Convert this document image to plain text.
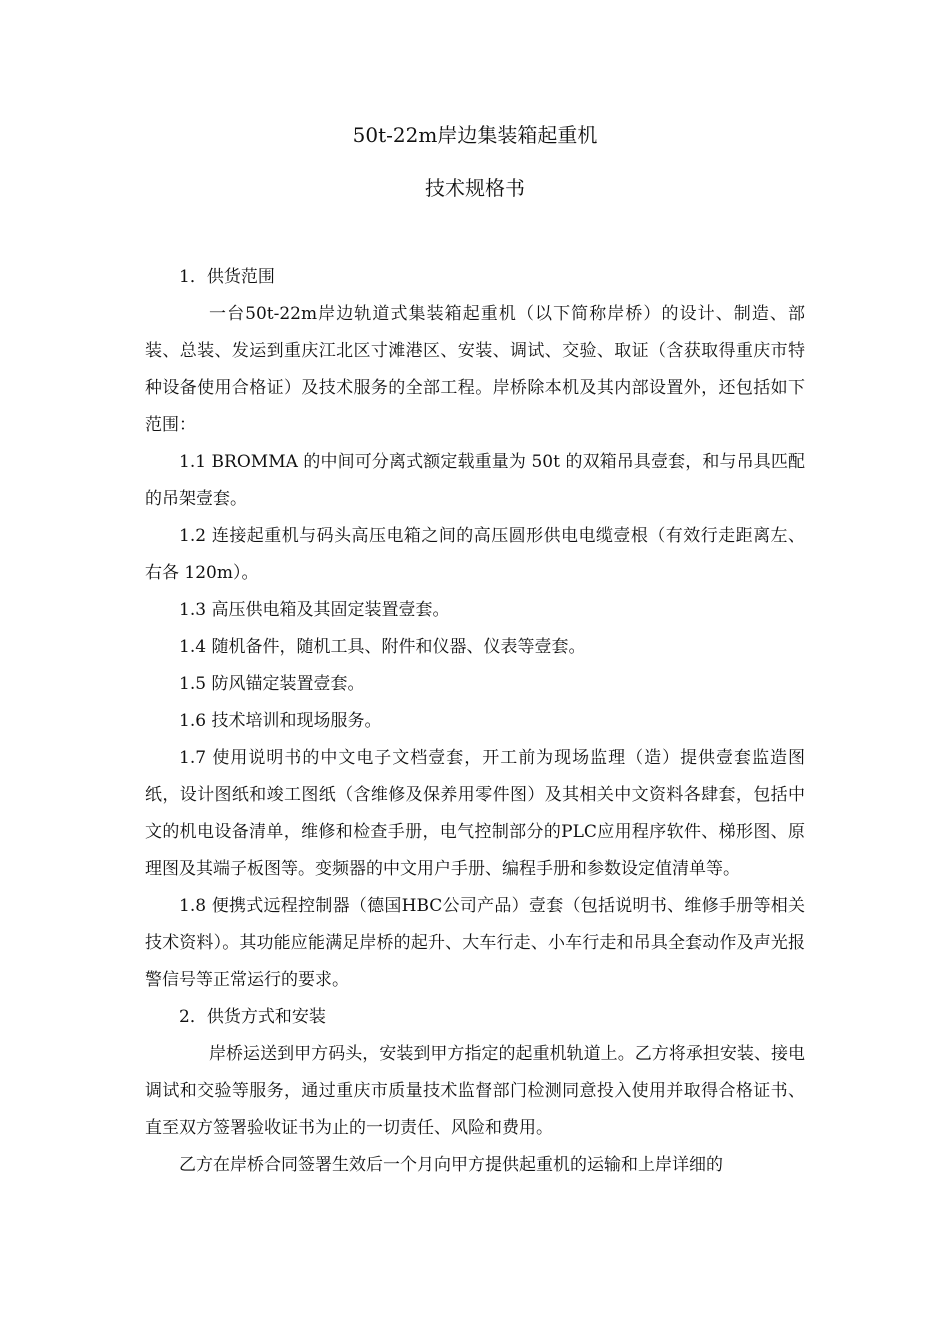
50t-22m岸边集装箱起重机
技术规格书

1．供货范围

一台50t-22m岸边轨道式集装箱起重机（以下简称岸桥）的设计、制造、部装、总装、发运到重庆江北区寸滩港区、安装、调试、交验、取证（含获取得重庆市特种设备使用合格证）及技术服务的全部工程。岸桥除本机及其内部设置外，还包括如下范围：

1.1 BROMMA 的中间可分离式额定载重量为 50t 的双箱吊具壹套，和与吊具匹配的吊架壹套。

1.2 连接起重机与码头高压电箱之间的高压圆形供电电缆壹根（有效行走距离左、右各 120m）。

1.3 高压供电箱及其固定装置壹套。

1.4 随机备件，随机工具、附件和仪器、仪表等壹套。

1.5 防风锚定装置壹套。

1.6 技术培训和现场服务。

1.7 使用说明书的中文电子文档壹套，开工前为现场监理（造）提供壹套监造图纸，设计图纸和竣工图纸（含维修及保养用零件图）及其相关中文资料各肆套，包括中文的机电设备清单，维修和检查手册，电气控制部分的PLC应用程序软件、梯形图、原理图及其端子板图等。变频器的中文用户手册、编程手册和参数设定值清单等。

1.8 便携式远程控制器（德国HBC公司产品）壹套（包括说明书、维修手册等相关技术资料）。其功能应能满足岸桥的起升、大车行走、小车行走和吊具全套动作及声光报警信号等正常运行的要求。

2．供货方式和安装

岸桥运送到甲方码头，安装到甲方指定的起重机轨道上。乙方将承担安装、接电调试和交验等服务，通过重庆市质量技术监督部门检测同意投入使用并取得合格证书、直至双方签署验收证书为止的一切责任、风险和费用。

乙方在岸桥合同签署生效后一个月向甲方提供起重机的运输和上岸详细的
